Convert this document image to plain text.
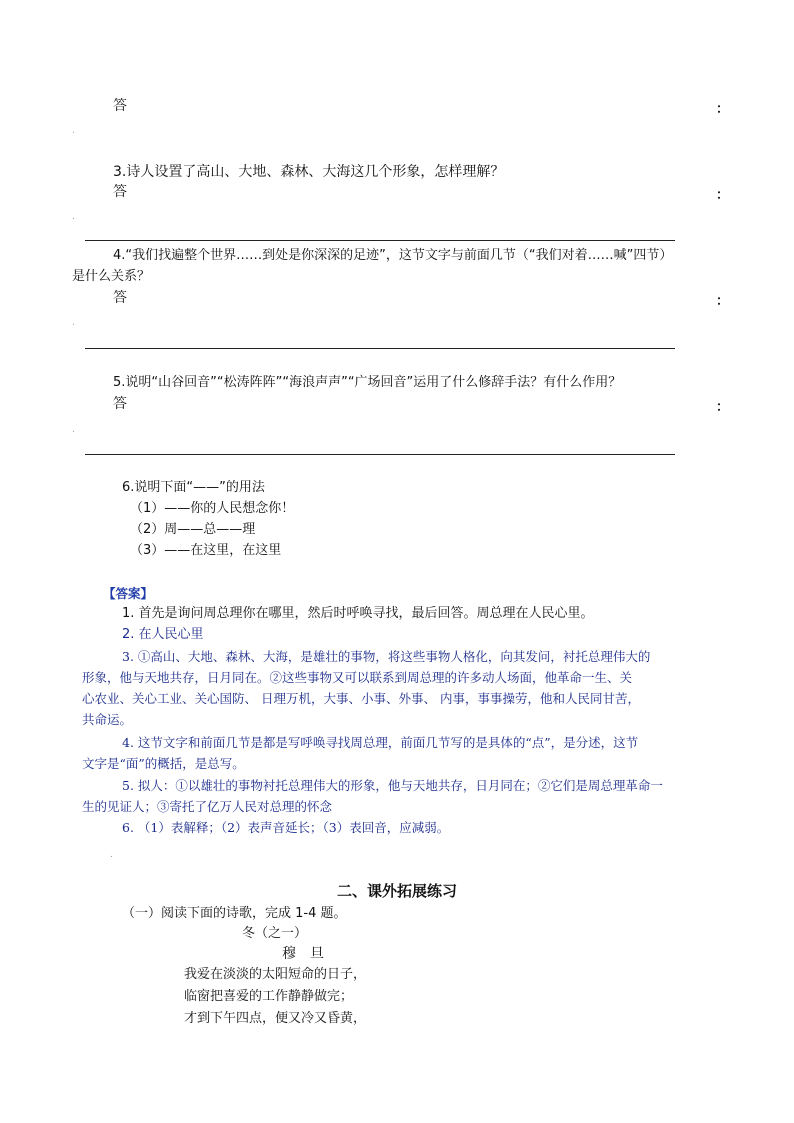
答	：
.
3.诗人设置了高山、大地、森林、大海这几个形象，怎样理解？
答	：
.
4.“我们找遍整个世界……到处是你深深的足迹”，这节文字与前面几节（“我们对着……喊”四节）
是什么关系？
答	：
.
5.说明“山谷回音”“松涛阵阵”“海浪声声”“广场回音”运用了什么修辞手法？有什么作用？
答	：
.
6.说明下面“——”的用法
（1）——你的人民想念你！
（2）周——总——理
（3）——在这里，在这里
【答案】
1. 首先是询问周总理你在哪里，然后时呼唤寻找，最后回答。周总理在人民心里。
2. 在人民心里
3. ①高山、大地、森林、大海，是雄壮的事物，将这些事物人格化，向其发问，衬托总理伟大的
形象，他与天地共存，日月同在。②这些事物又可以联系到周总理的许多动人场面，他革命一生、关
心农业、关心工业、关心国防、 日理万机，大事、小事、外事、 内事，事事操劳，他和人民同甘苦，
共命运。
4. 这节文字和前面几节是都是写呼唤寻找周总理，前面几节写的是具体的“点”，是分述，这节
文字是“面”的概括，是总写。
5. 拟人：①以雄壮的事物衬托总理伟大的形象，他与天地共存，日月同在；②它们是周总理革命一
生的见证人；③寄托了亿万人民对总理的怀念
6. （1）表解释；（2）表声音延长；（3）表回音，应减弱。
.
二、课外拓展练习
（一）阅读下面的诗歌，完成 1-4 题。
冬（之一）
穆　旦
我爱在淡淡的太阳短命的日子，
临窗把喜爱的工作静静做完；
才到下午四点，便又冷又昏黄，
